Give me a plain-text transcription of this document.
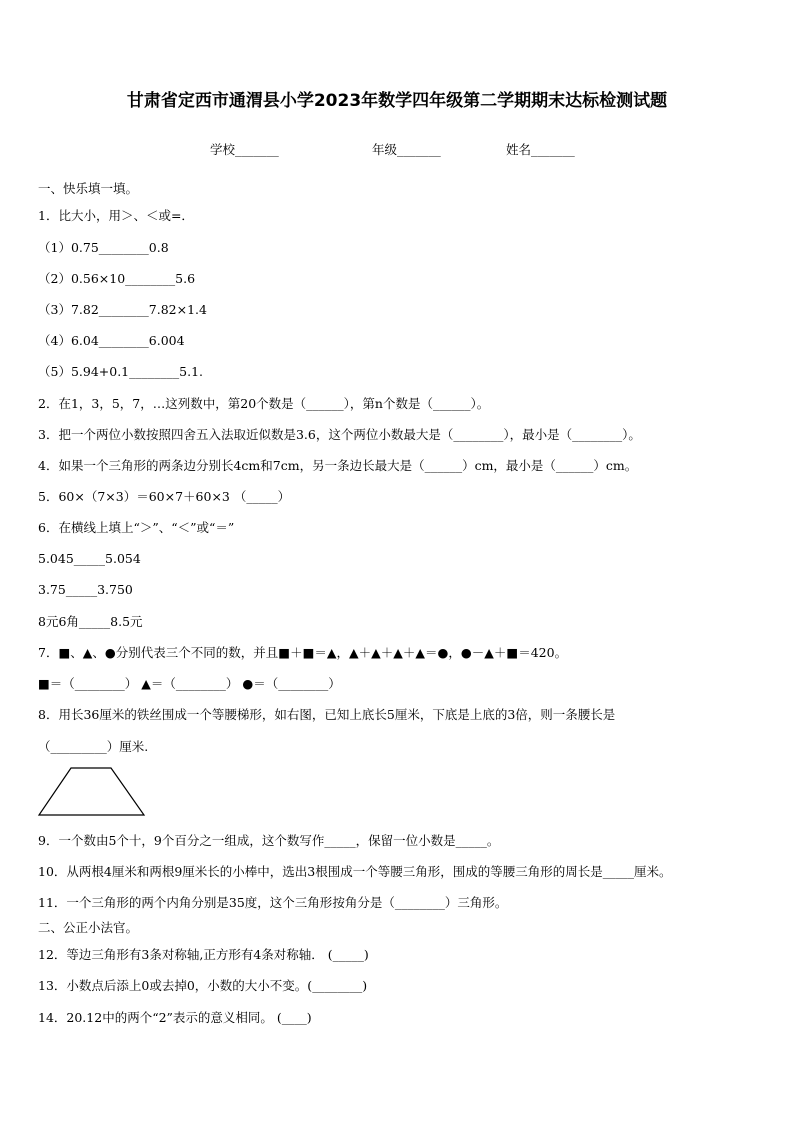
甘肃省定西市通渭县小学2023年数学四年级第二学期期末达标检测试题
学校_______	年级_______	姓名_______
一、快乐填一填。
1．比大小，用＞、＜或=．
（1）0.75________0.8
（2）0.56×10________5.6
（3）7.82________7.82×1.4
（4）6.04________6.004
（5）5.94+0.1________5.1.
2．在1，3，5，7，…这列数中，第20个数是（______），第n个数是（______）。
3．把一个两位小数按照四舍五入法取近似数是3.6，这个两位小数最大是（________），最小是（________）。
4．如果一个三角形的两条边分别长4cm和7cm，另一条边长最大是（______）cm，最小是（______）cm。
5．60×（7×3）＝60×7＋60×3 （_____）
6．在横线上填上“＞”、“＜”或“＝”
5.045_____5.054
3.75_____3.750
8元6角_____8.5元
7．■、▲、●分别代表三个不同的数，并且■＋■＝▲，▲＋▲＋▲＋▲＝●，●－▲＋■＝420。
■＝（________） ▲＝（________） ●＝（________）
8．用长36厘米的铁丝围成一个等腰梯形，如右图，已知上底长5厘米，下底是上底的3倍，则一条腰长是
（_________）厘米.
9．一个数由5个十，9个百分之一组成，这个数写作_____，保留一位小数是_____。
10．从两根4厘米和两根9厘米长的小棒中，选出3根围成一个等腰三角形，围成的等腰三角形的周长是_____厘米。
11．一个三角形的两个内角分别是35度，这个三角形按角分是（________）三角形。
二、公正小法官。
12．等边三角形有3条对称轴,正方形有4条对称轴． (_____)
13．小数点后添上0或去掉0，小数的大小不变。(________)
14．20.12中的两个“2”表示的意义相同。 (____)
